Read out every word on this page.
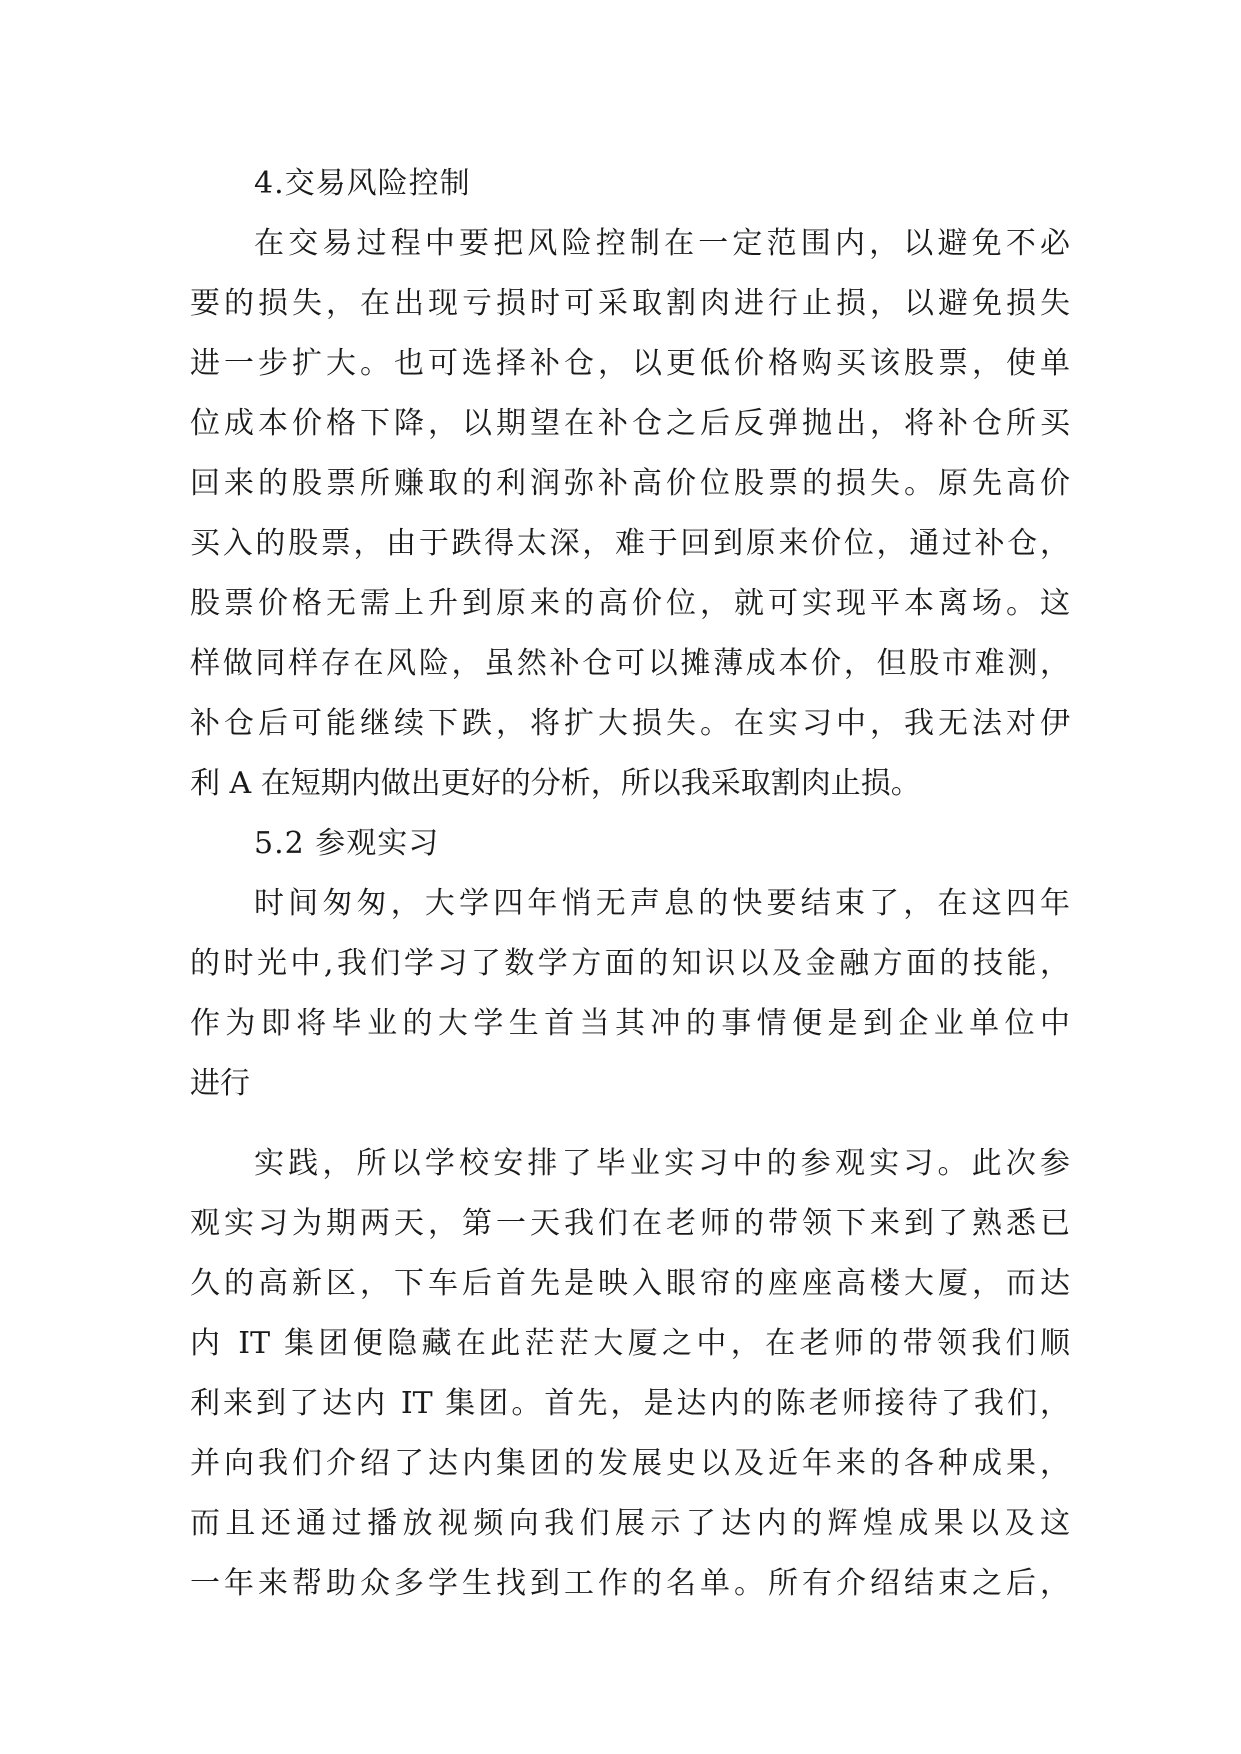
4.交易风险控制
在交易过程中要把风险控制在一定范围内，以避免不必
要的损失，在出现亏损时可采取割肉进行止损，以避免损失
进一步扩大。也可选择补仓，以更低价格购买该股票，使单
位成本价格下降，以期望在补仓之后反弹抛出，将补仓所买
回来的股票所赚取的利润弥补高价位股票的损失。原先高价
买入的股票，由于跌得太深，难于回到原来价位，通过补仓，
股票价格无需上升到原来的高价位，就可实现平本离场。这
样做同样存在风险，虽然补仓可以摊薄成本价，但股市难测，
补仓后可能继续下跌，将扩大损失。在实习中，我无法对伊
利 A 在短期内做出更好的分析，所以我采取割肉止损。
5.2 参观实习
时间匆匆，大学四年悄无声息的快要结束了，在这四年
的时光中,我们学习了数学方面的知识以及金融方面的技能，
作为即将毕业的大学生首当其冲的事情便是到企业单位中
进行
实践，所以学校安排了毕业实习中的参观实习。此次参
观实习为期两天，第一天我们在老师的带领下来到了熟悉已
久的高新区，下车后首先是映入眼帘的座座高楼大厦，而达
内 IT 集团便隐藏在此茫茫大厦之中，在老师的带领我们顺
利来到了达内 IT 集团。首先，是达内的陈老师接待了我们，
并向我们介绍了达内集团的发展史以及近年来的各种成果，
而且还通过播放视频向我们展示了达内的辉煌成果以及这
一年来帮助众多学生找到工作的名单。所有介绍结束之后，
